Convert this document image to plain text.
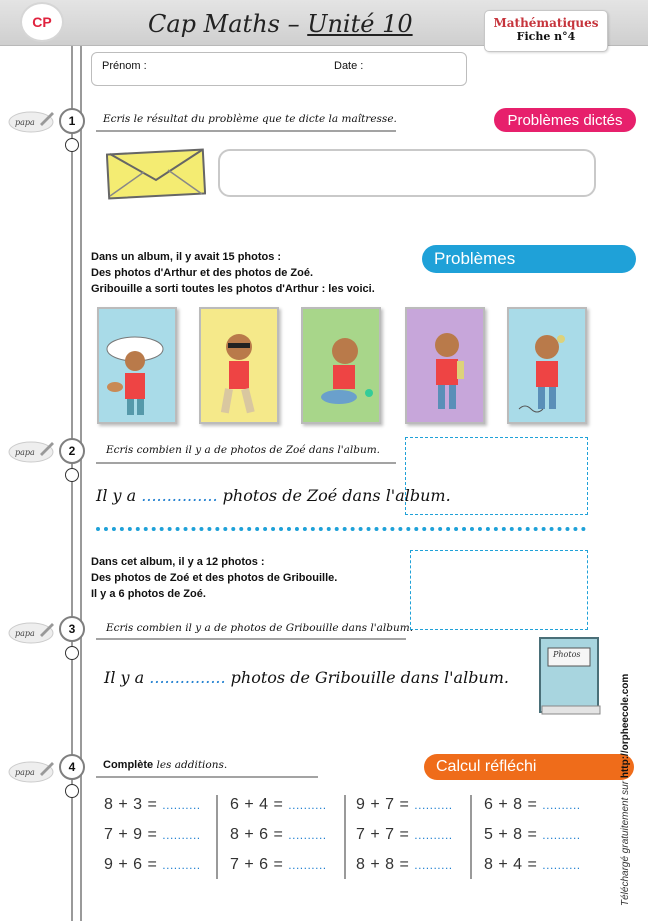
CP	Cap Maths – Unité 10	Mathématiques
Fiche n°4
Prénom :	Date :
papa	1	Ecris le résultat du problème que te dicte la maîtresse.	Problèmes dictés
Dans un album, il y avait 15 photos :
Des photos d'Arthur et des photos de Zoé.
Gribouille a sorti toutes les photos d'Arthur : les voici.
Problèmes
papa	2	Ecris combien il y a de photos de Zoé dans l'album.
Il y a ............... photos de Zoé dans l'album.
Dans cet album, il y a 12 photos :
Des photos de Zoé et des photos de Gribouille.
Il y a 6 photos de Zoé.
papa	3	Ecris combien il y a de photos de Gribouille dans l'album.
Il y a ............... photos de Gribouille dans l'album.
Photos
papa	4	Complète les additions.	Calcul réfléchi
8 + 3 = ..........
7 + 9 = ..........
9 + 6 = ..........
6 + 4 = ..........
8 + 6 = ..........
7 + 6 = ..........
9 + 7 = ..........
7 + 7 = ..........
8 + 8 = ..........
6 + 8 = ..........
5 + 8 = ..........
8 + 4 = ..........	Téléchargé gratuitement sur http://orpheecole.com
